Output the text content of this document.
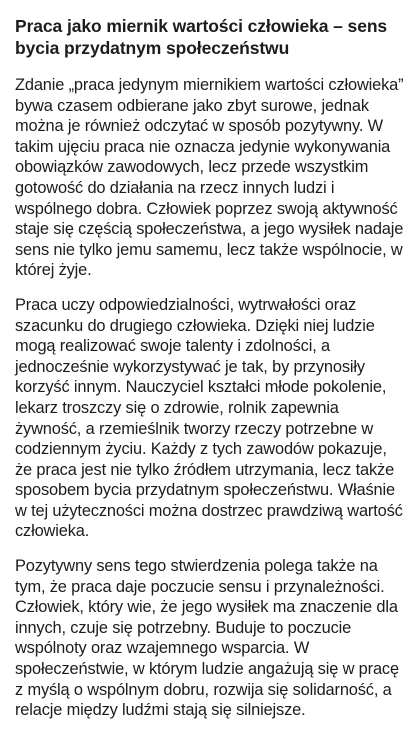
Praca jako miernik wartości człowieka – sens bycia przydatnym społeczeństwu

Zdanie „praca jedynym miernikiem wartości człowieka” bywa czasem odbierane jako zbyt surowe, jednak można je również odczytać w sposób pozytywny. W takim ujęciu praca nie oznacza jedynie wykonywania obowiązków zawodowych, lecz przede wszystkim gotowość do działania na rzecz innych ludzi i wspólnego dobra. Człowiek poprzez swoją aktywność staje się częścią społeczeństwa, a jego wysiłek nadaje sens nie tylko jemu samemu, lecz także wspólnocie, w której żyje.

Praca uczy odpowiedzialności, wytrwałości oraz szacunku do drugiego człowieka. Dzięki niej ludzie mogą realizować swoje talenty i zdolności, a jednocześnie wykorzystywać je tak, by przynosiły korzyść innym. Nauczyciel kształci młode pokolenie, lekarz troszczy się o zdrowie, rolnik zapewnia żywność, a rzemieślnik tworzy rzeczy potrzebne w codziennym życiu. Każdy z tych zawodów pokazuje, że praca jest nie tylko źródłem utrzymania, lecz także sposobem bycia przydatnym społeczeństwu. Właśnie w tej użyteczności można dostrzec prawdziwą wartość człowieka.

Pozytywny sens tego stwierdzenia polega także na tym, że praca daje poczucie sensu i przynależności. Człowiek, który wie, że jego wysiłek ma znaczenie dla innych, czuje się potrzebny. Buduje to poczucie wspólnoty oraz wzajemnego wsparcia. W społeczeństwie, w którym ludzie angażują się w pracę z myślą o wspólnym dobru, rozwija się solidarność, a relacje między ludźmi stają się silniejsze.
